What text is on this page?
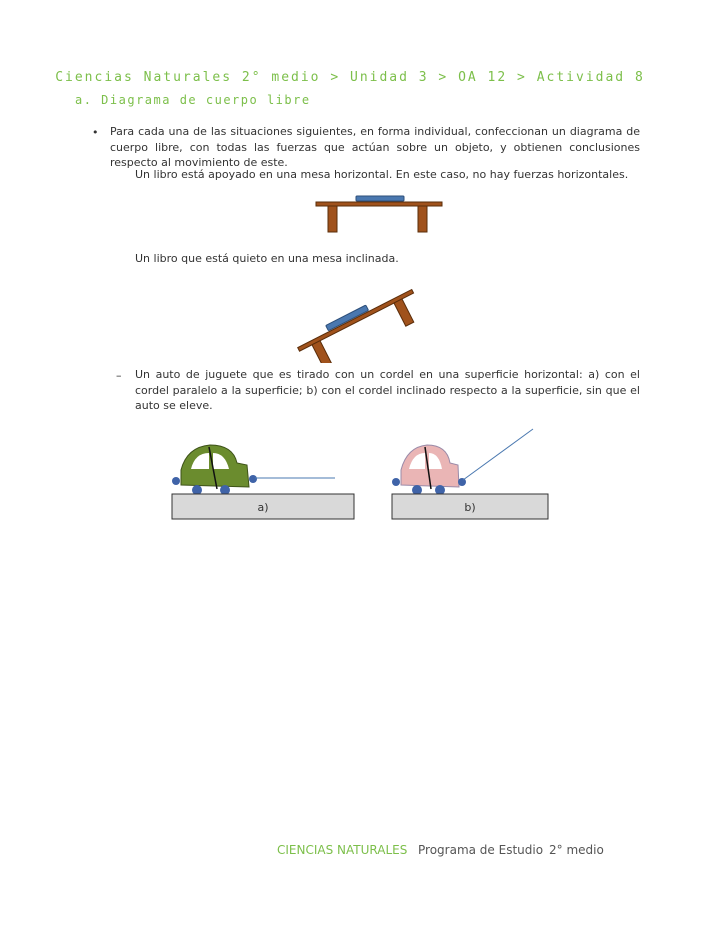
Ciencias Naturales 2° medio > Unidad 3 > OA 12 > Actividad 8
a. Diagrama de cuerpo libre
• Para cada una de las situaciones siguientes, en forma individual, confeccionan un diagrama de cuerpo libre, con todas las fuerzas que actúan sobre un objeto, y obtienen conclusiones respecto al movimiento de este.
Un libro está apoyado en una mesa horizontal. En este caso, no hay fuerzas horizontales.
Un libro que está quieto en una mesa inclinada.
– Un auto de juguete que es tirado con un cordel en una superficie horizontal: a) con el cordel paralelo a la superficie; b) con el cordel inclinado respecto a la superficie, sin que el auto se eleve.
a)	b)
CIENCIAS NATURALES Programa de Estudio 2° medio
